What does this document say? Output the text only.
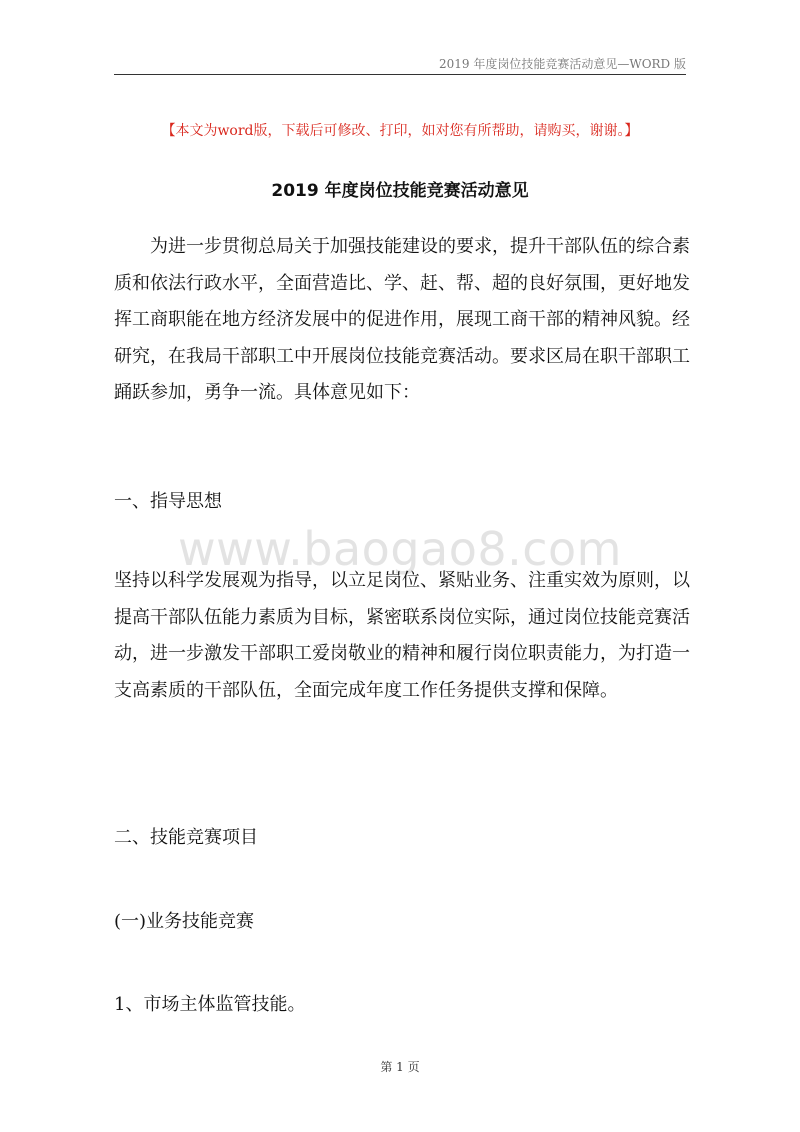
2019 年度岗位技能竞赛活动意见—WORD 版
【本文为word版，下载后可修改、打印，如对您有所帮助，请购买，谢谢。】
2019 年度岗位技能竞赛活动意见
为进一步贯彻总局关于加强技能建设的要求，提升干部队伍的综合素质和依法行政水平，全面营造比、学、赶、帮、超的良好氛围，更好地发挥工商职能在地方经济发展中的促进作用，展现工商干部的精神风貌。经研究，在我局干部职工中开展岗位技能竞赛活动。要求区局在职干部职工踊跃参加，勇争一流。具体意见如下：
一、指导思想
www.baogao8.com
坚持以科学发展观为指导，以立足岗位、紧贴业务、注重实效为原则，以提高干部队伍能力素质为目标，紧密联系岗位实际，通过岗位技能竞赛活动，进一步激发干部职工爱岗敬业的精神和履行岗位职责能力，为打造一支高素质的干部队伍，全面完成年度工作任务提供支撑和保障。
二、技能竞赛项目
(一)业务技能竞赛
1、市场主体监管技能。
第 1 页
